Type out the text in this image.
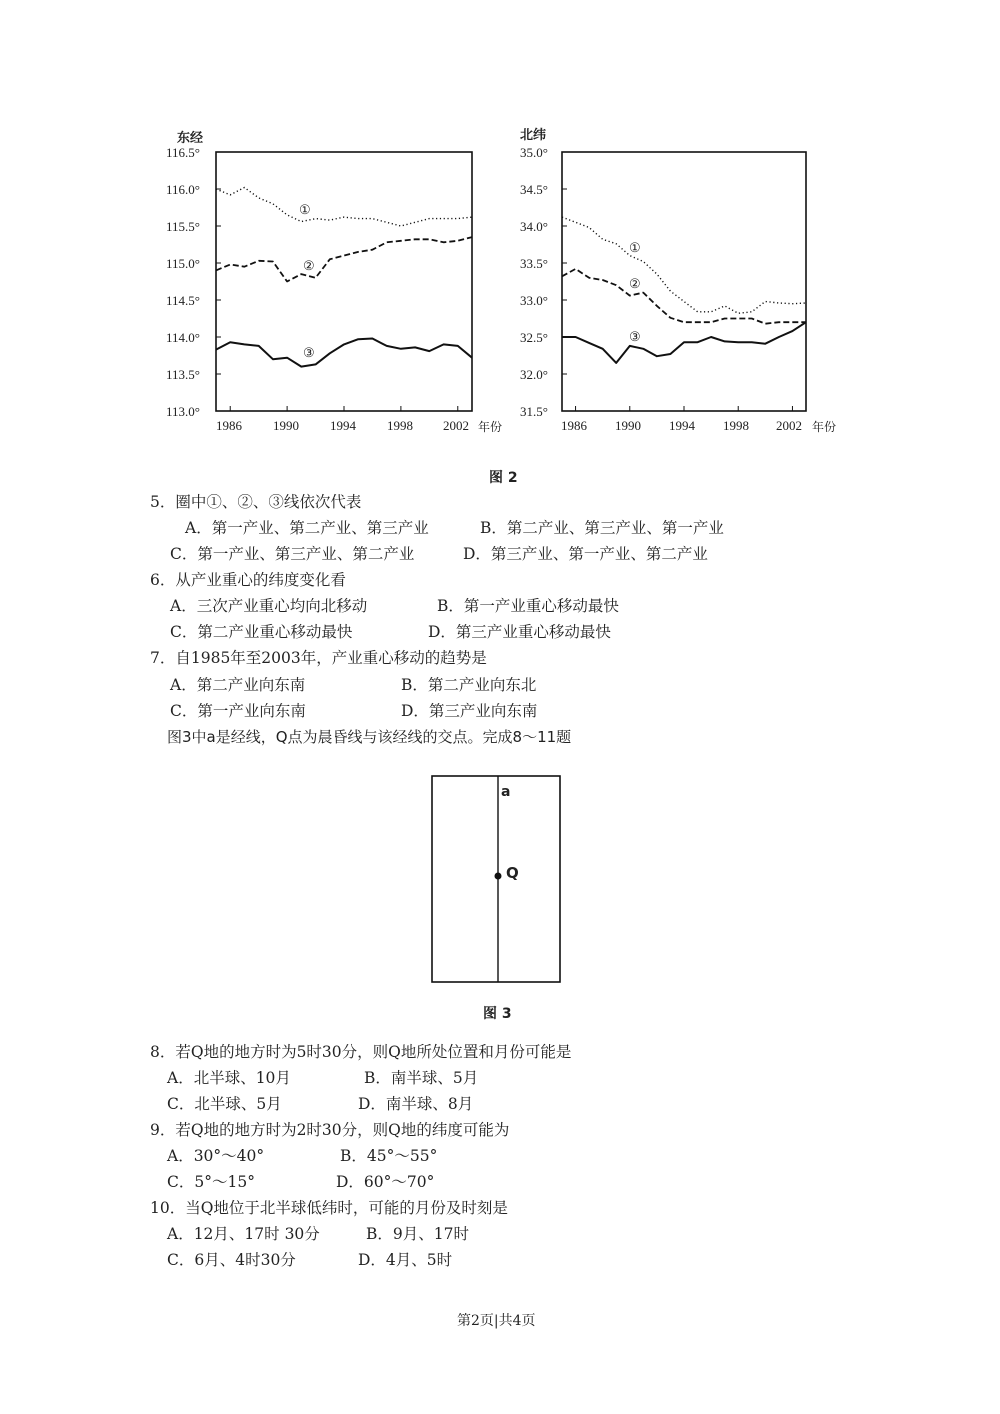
东经
116.5°
116.0°
115.5°
115.0°
114.5°
114.0°
113.5°
113.0°
1986 1990 1994 1998 2002 年份
①
②
③
北纬
35.0°
34.5°
34.0°
33.5°
33.0°
32.5°
32.0°
31.5°
1986 1990 1994 1998 2002 年份
①
②
③
图 2
5．圈中①、②、③线依次代表
A．第一产业、第二产业、第三产业	B．第二产业、第三产业、第一产业
C．第一产业、第三产业、第二产业	D．第三产业、第一产业、第二产业
6．从产业重心的纬度变化看
A．三次产业重心均向北移动	B．第一产业重心移动最快
C．第二产业重心移动最快	D．第三产业重心移动最快
7．自1985年至2003年，产业重心移动的趋势是
A．第二产业向东南	B．第二产业向东北
C．第一产业向东南	D．第三产业向东南
图3中a是经线，Q点为晨昏线与该经线的交点。完成8～11题
a
Q
图 3
8．若Q地的地方时为5时30分，则Q地所处位置和月份可能是
A．北半球、10月	B．南半球、5月
C．北半球、5月	D．南半球、8月
9．若Q地的地方时为2时30分，则Q地的纬度可能为
A．30°～40°	B．45°～55°
C．5°～15°	D．60°～70°
10．当Q地位于北半球低纬时，可能的月份及时刻是
A．12月、17时 30分	B．9月、17时
C．6月、4时30分	D．4月、5时
第2页|共4页
